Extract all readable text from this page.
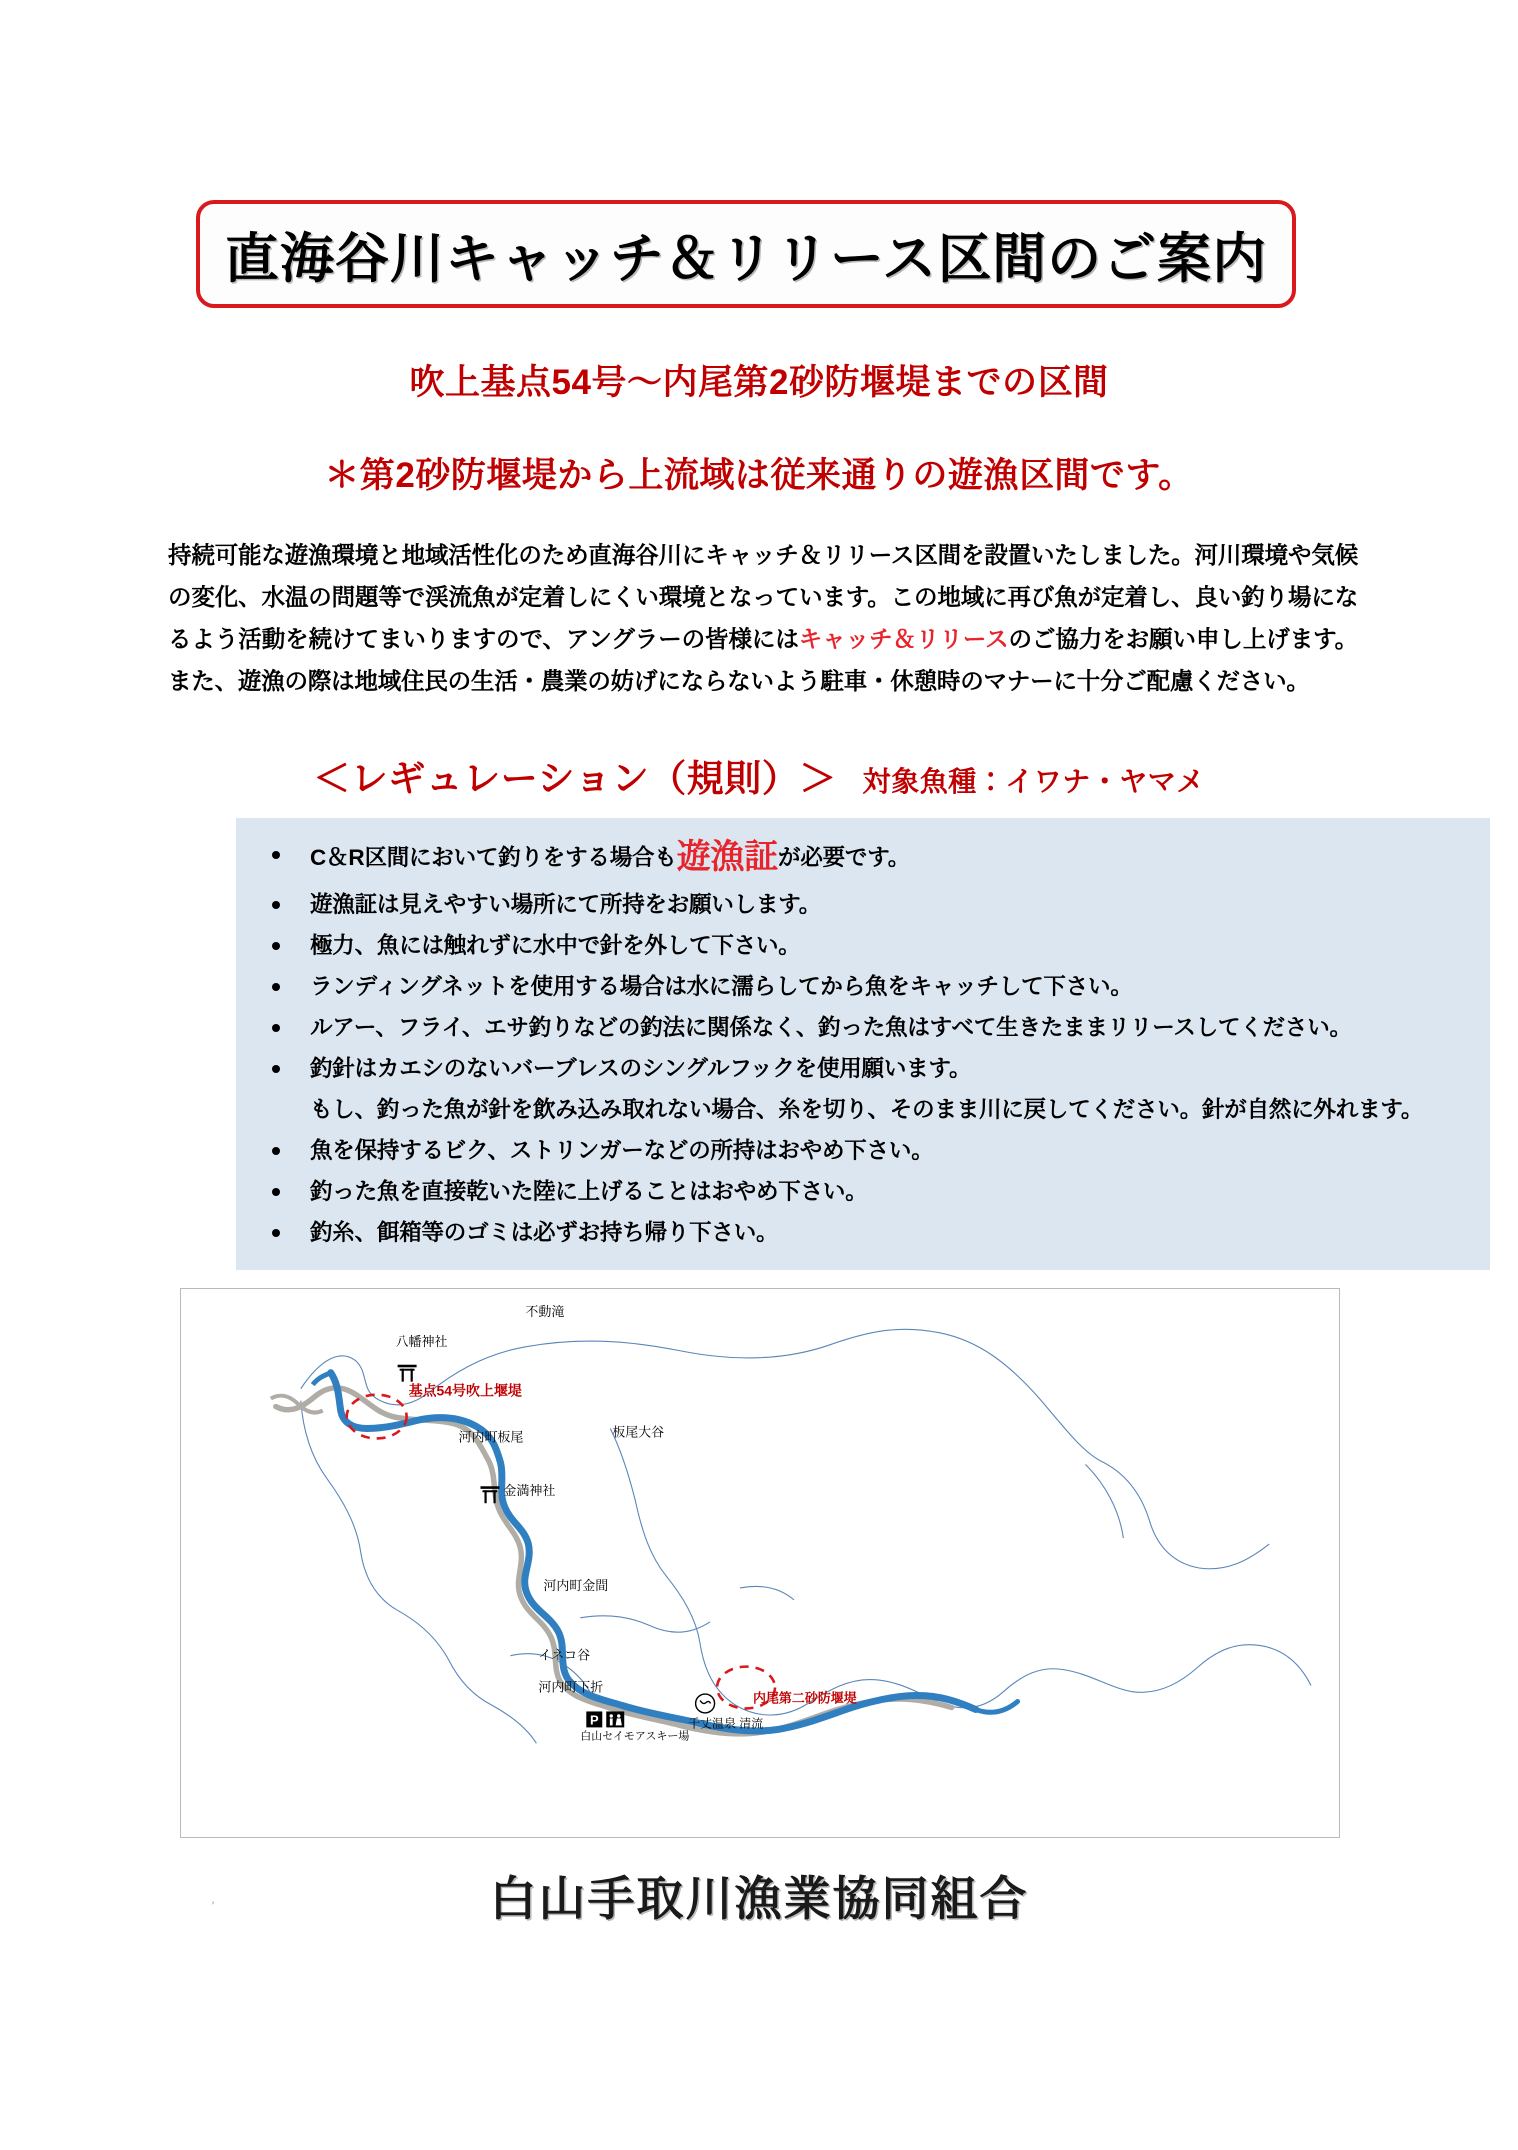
直海谷川キャッチ＆リリース区間のご案内
吹上基点54号～内尾第2砂防堰堤までの区間
＊第2砂防堰堤から上流域は従来通りの遊漁区間です。
持続可能な遊漁環境と地域活性化のため直海谷川にキャッチ＆リリース区間を設置いたしました。河川環境や気候の変化、水温の問題等で渓流魚が定着しにくい環境となっています。この地域に再び魚が定着し、良い釣り場になるよう活動を続けてまいりますので、アングラーの皆様にはキャッチ＆リリースのご協力をお願い申し上げます。また、遊漁の際は地域住民の生活・農業の妨げにならないよう駐車・休憩時のマナーに十分ご配慮ください。
＜レギュレーション（規則）＞ 対象魚種：イワナ・ヤマメ
C＆R区間において釣りをする場合も遊漁証が必要です。
遊漁証は見えやすい場所にて所持をお願いします。
極力、魚には触れずに水中で針を外して下さい。
ランディングネットを使用する場合は水に濡らしてから魚をキャッチして下さい。
ルアー、フライ、エサ釣りなどの釣法に関係なく、釣った魚はすべて生きたままリリースしてください。
釣針はカエシのないバーブレスのシングルフックを使用願います。
もし、釣った魚が針を飲み込み取れない場合、糸を切り、そのまま川に戻してください。針が自然に外れます。
魚を保持するビク、ストリンガーなどの所持はおやめ下さい。
釣った魚を直接乾いた陸に上げることはおやめ下さい。
釣糸、餌箱等のゴミは必ずお持ち帰り下さい。
P
不動滝
八幡神社
基点54号吹上堰堤
河内町板尾	板尾大谷
金満神社
河内町金間
イネコ谷
河内町下折
白山セイモアスキー場
千丈温泉 清流
内尾第二砂防堰堤
白山手取川漁業協同組合
′
